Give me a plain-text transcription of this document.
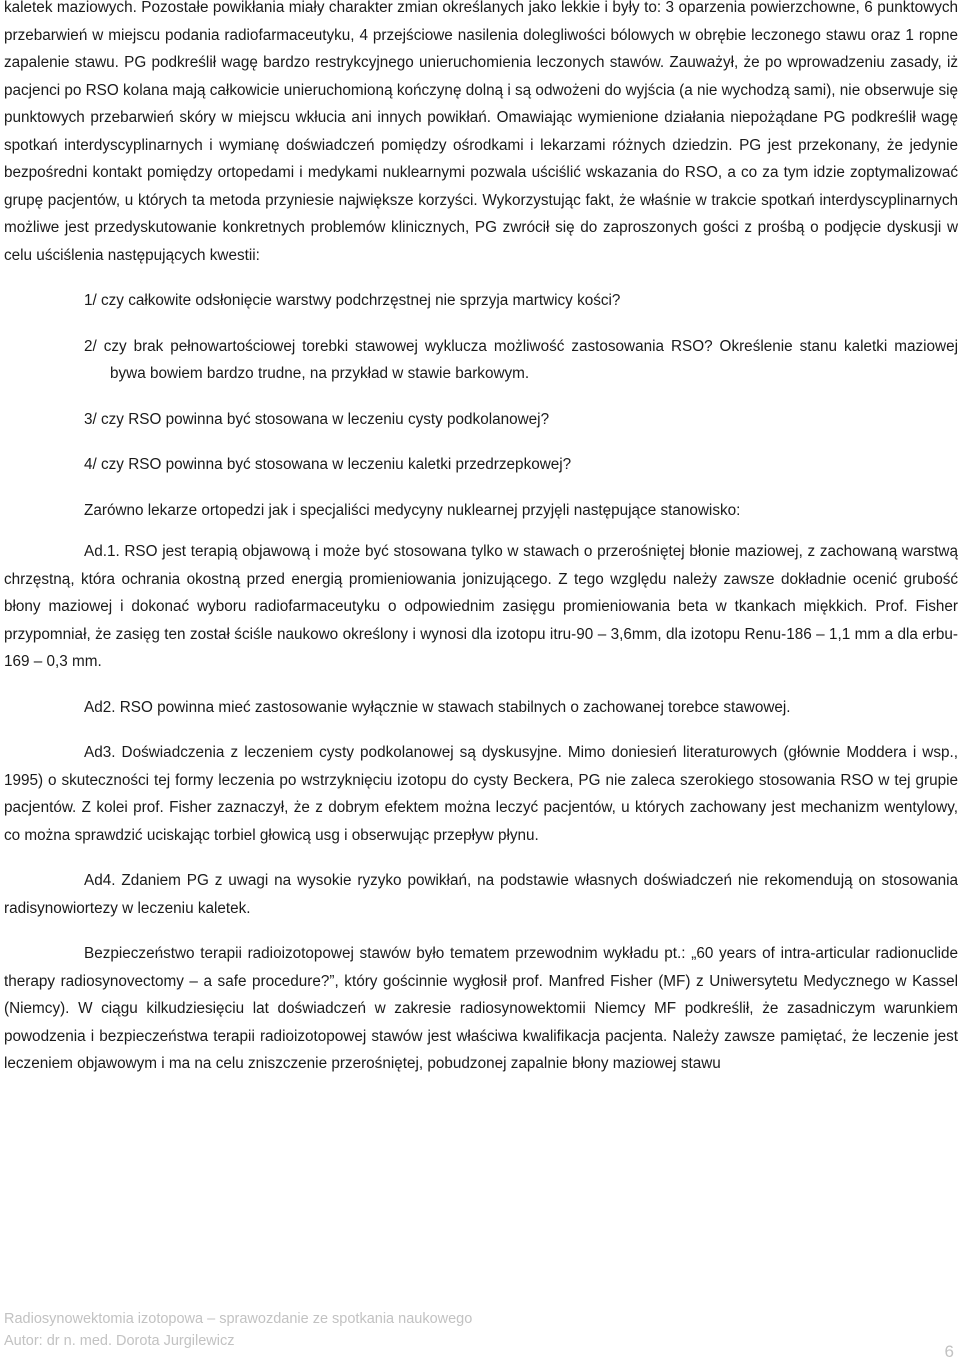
kaletek maziowych. Pozostałe powikłania miały charakter zmian określanych jako lekkie i były to: 3 oparzenia powierzchowne, 6 punktowych przebarwień w miejscu podania radiofarmaceutyku, 4 przejściowe nasilenia dolegliwości bólowych w obrębie leczonego stawu oraz 1 ropne zapalenie stawu. PG podkreślił wagę bardzo restrykcyjnego unieruchomienia leczonych stawów. Zauważył, że po wprowadzeniu zasady, iż pacjenci po RSO kolana mają całkowicie unieruchomioną kończynę dolną i są odwożeni do wyjścia (a nie wychodzą sami), nie obserwuje się punktowych przebarwień skóry w miejscu wkłucia ani innych powikłań. Omawiając wymienione działania niepożądane PG podkreślił wagę spotkań interdyscyplinarnych i wymianę doświadczeń pomiędzy ośrodkami i lekarzami różnych dziedzin. PG jest przekonany, że jedynie bezpośredni kontakt pomiędzy ortopedami i medykami nuklearnymi pozwala uściślić wskazania do RSO, a co za tym idzie zoptymalizować grupę pacjentów, u których ta metoda przyniesie największe korzyści. Wykorzystując fakt, że właśnie w trakcie spotkań interdyscyplinarnych możliwe jest przedyskutowanie konkretnych problemów klinicznych, PG zwrócił się do zaproszonych gości z prośbą o podjęcie dyskusji w celu uściślenia następujących kwestii:

1/ czy całkowite odsłonięcie warstwy podchrzęstnej nie sprzyja martwicy kości?

2/ czy brak pełnowartościowej torebki stawowej wyklucza możliwość zastosowania RSO? Określenie stanu kaletki maziowej bywa bowiem bardzo trudne, na przykład w stawie barkowym.

3/ czy RSO powinna być stosowana w leczeniu cysty podkolanowej?

4/ czy RSO powinna być stosowana w leczeniu kaletki przedrzepkowej?

Zarówno lekarze ortopedzi jak i specjaliści medycyny nuklearnej przyjęli następujące stanowisko:

Ad.1. RSO jest terapią objawową i może być stosowana tylko w stawach o przerośniętej błonie maziowej, z zachowaną warstwą chrzęstną, która ochrania okostną przed energią promieniowania jonizującego. Z tego względu należy zawsze dokładnie ocenić grubość błony maziowej i dokonać wyboru radiofarmaceutyku o odpowiednim zasięgu promieniowania beta w tkankach miękkich. Prof. Fisher przypomniał, że zasięg ten został ściśle naukowo określony i wynosi dla izotopu itru-90 – 3,6mm, dla izotopu Renu-186 – 1,1 mm a dla erbu-169 – 0,3 mm.

Ad2. RSO powinna mieć zastosowanie wyłącznie w stawach stabilnych o zachowanej torebce stawowej.

Ad3. Doświadczenia z leczeniem cysty podkolanowej są dyskusyjne. Mimo doniesień literaturowych (głównie Moddera i wsp., 1995) o skuteczności tej formy leczenia po wstrzyknięciu izotopu do cysty Beckera, PG nie zaleca szerokiego stosowania RSO w tej grupie pacjentów. Z kolei prof. Fisher zaznaczył, że z dobrym efektem można leczyć pacjentów, u których zachowany jest mechanizm wentylowy, co można sprawdzić uciskając torbiel głowicą usg i obserwując przepływ płynu.

Ad4. Zdaniem PG z uwagi na wysokie ryzyko powikłań, na podstawie własnych doświadczeń nie rekomendują on stosowania radisynowiortezy w leczeniu kaletek.

Bezpieczeństwo terapii radioizotopowej stawów było tematem przewodnim wykładu pt.: „60 years of intra-articular radionuclide therapy radiosynovectomy – a safe procedure?”, który gościnnie wygłosił prof. Manfred Fisher (MF) z Uniwersytetu Medycznego w Kassel (Niemcy). W ciągu kilkudziesięciu lat doświadczeń w zakresie radiosynowektomii Niemcy MF podkreślił, że zasadniczym warunkiem powodzenia i bezpieczeństwa terapii radioizotopowej stawów jest właściwa kwalifikacja pacjenta. Należy zawsze pamiętać, że leczenie jest leczeniem objawowym i ma na celu zniszczenie przerośniętej, pobudzonej zapalnie błony maziowej stawu

Radiosynowektomia izotopowa – sprawozdanie ze spotkania naukowego
Autor: dr n. med. Dorota Jurgilewicz
6
